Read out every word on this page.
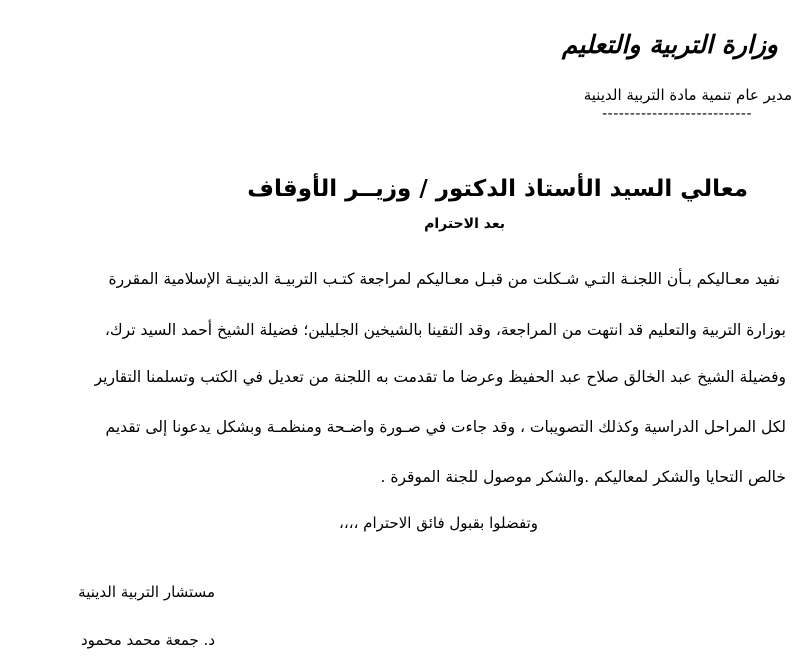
وزارة التربية والتعليم
مدير عام تنمية مادة التربية الدينية
---------------------------
معالي السيد الأستاذ الدكتور / وزيــر الأوقاف
بعد الاحترام
نفيد معـاليكم بـأن اللجنـة التـي شـكلت من قبـل معـاليكم لمراجعة كتـب التربيـة الدينيـة الإسلامية المقررة
بوزارة التربية والتعليم قد انتهت من المراجعة، وقد التقينا بالشيخين الجليلين؛ فضيلة الشيخ أحمد السيد ترك،
وفضيلة الشيخ عبد الخالق صلاح عبد الحفيظ وعرضا ما تقدمت به اللجنة من تعديل في الكتب وتسلمنا التقارير
لكل المراحل الدراسية وكذلك التصويبات ، وقد جاءت في صـورة واضـحة ومنظمـة وبشكل يدعونا إلى تقديم
خالص التحايا والشكر لمعاليكم .والشكر موصول للجنة الموقرة .
وتفضلوا بقبول فائق الاحترام ،،،،
مستشار التربية الدينية
د. جمعة محمد محمود
